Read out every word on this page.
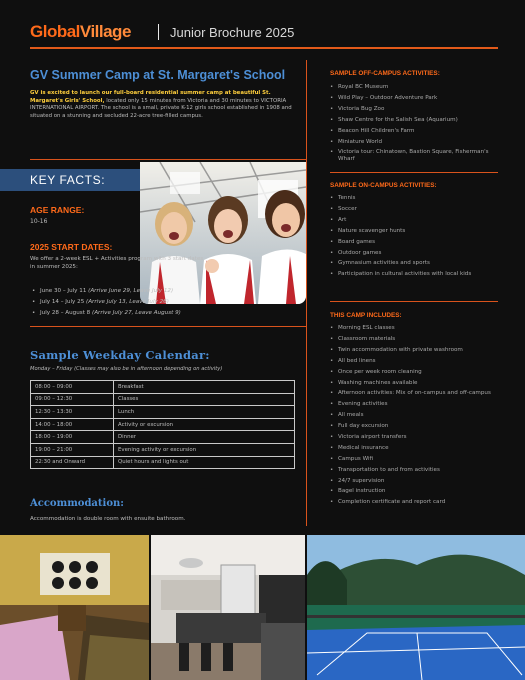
GlobalVillage	Junior Brochure 2025
GV Summer Camp at St. Margaret's School
GV is excited to launch our full-board residential summer camp at beautiful St. Margaret's Girls' School, located only 15 minutes from Victoria and 30 minutes to VICTORIA INTERNATIONAL AIRPORT. The school is a small, private K-12 girls school established in 1908 and situated on a stunning and secluded 22-acre tree-filled campus.
KEY FACTS:
AGE RANGE:
10-16
2025 START DATES:
We offer a 2-week ESL + Activities program with 3 start dates in summer 2025:
• June 30 – July 11 (Arrive June 29, Leave July 12)
• July 14 – July 25 (Arrive July 13, Leave July 26)
• July 28 – August 8 (Arrive July 27, Leave August 9)
Sample Weekday Calendar:
Monday – Friday (Classes may also be in afternoon depending on activity)
08:00 – 09:00	Breakfast
09:00 – 12:30	Classes
12:30 – 13:30	Lunch
14:00 – 18:00	Activity or excursion
18:00 – 19:00	Dinner
19:00 – 21:00	Evening activity or excursion
22:30 and Onward	Quiet hours and lights out
Accommodation:
Accommodation is double room with ensuite bathroom.
SAMPLE OFF-CAMPUS ACTIVITIES:
• Royal BC Museum
• Wild Play – Outdoor Adventure Park
• Victoria Bug Zoo
• Shaw Centre for the Salish Sea (Aquarium)
• Beacon Hill Children's Farm
• Miniature World
• Victoria tour: Chinatown, Bastion Square, Fisherman's Wharf
SAMPLE ON-CAMPUS ACTIVITIES:
• Tennis
• Soccer
• Art
• Nature scavenger hunts
• Board games
• Outdoor games
• Gymnasium activities and sports
• Participation in cultural activities with local kids
THIS CAMP INCLUDES:
• Morning ESL classes
• Classroom materials
• Twin accommodation with private washroom
• All bed linens
• Once per week room cleaning
• Washing machines available
• Afternoon activities: Mix of on-campus and off-campus
• Evening activities
• All meals
• Full day excursion
• Victoria airport transfers
• Medical insurance
• Campus Wifi
• Transportation to and from activities
• 24/7 supervision
• Bagel instruction
• Completion certificate and report card
